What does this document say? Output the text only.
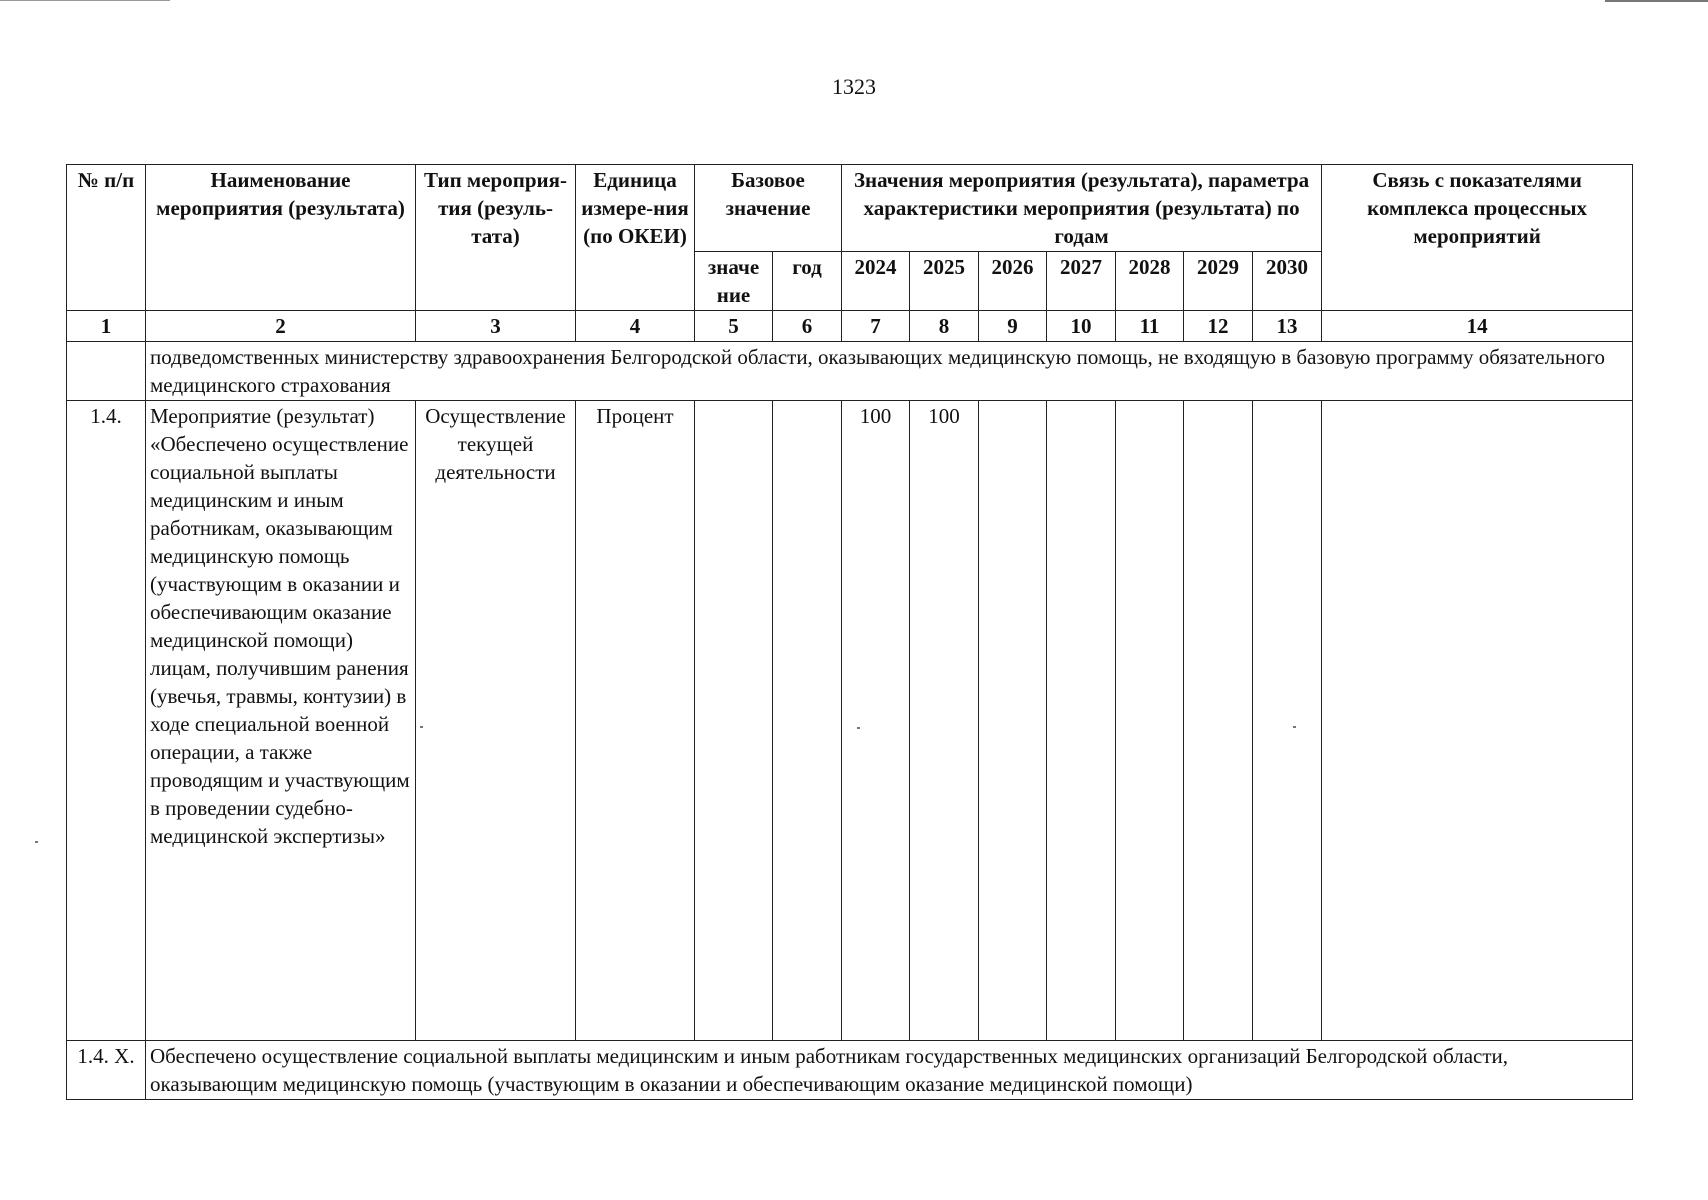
1323
№ п/п	Наименование мероприятия (результата)	Тип мероприя-тия (резуль-тата)	Единица измере-ния (по ОКЕИ)	Базовое значение		Значения мероприятия (результата), параметра характеристики мероприятия (результата) по годам							Связь с показателями комплекса процессных мероприятий
				значе ние	год	2024	2025	2026	2027	2028	2029	2030	
1	2	3	4	5	6	7	8	9	10	11	12	13	14
	подведомственных министерству здравоохранения Белгородской области, оказывающих медицинскую помощь, не входящую в базовую программу обязательного медицинского страхования												
1.4.	Мероприятие (результат) «Обеспечено осуществление социальной выплаты медицинским и иным работникам, оказывающим медицинскую помощь (участвующим в оказании и обеспечивающим оказание медицинской помощи) лицам, получившим ранения (увечья, травмы, контузии) в ходе специальной военной операции, а также проводящим и участвующим в проведении судебно-медицинской экспертизы»	Осуществление текущей деятельности	Процент			100	100						
1.4. X.	Обеспечено осуществление социальной выплаты медицинским и иным работникам государственных медицинских организаций Белгородской области, оказывающим медицинскую помощь (участвующим в оказании и обеспечивающим оказание медицинской помощи)												
